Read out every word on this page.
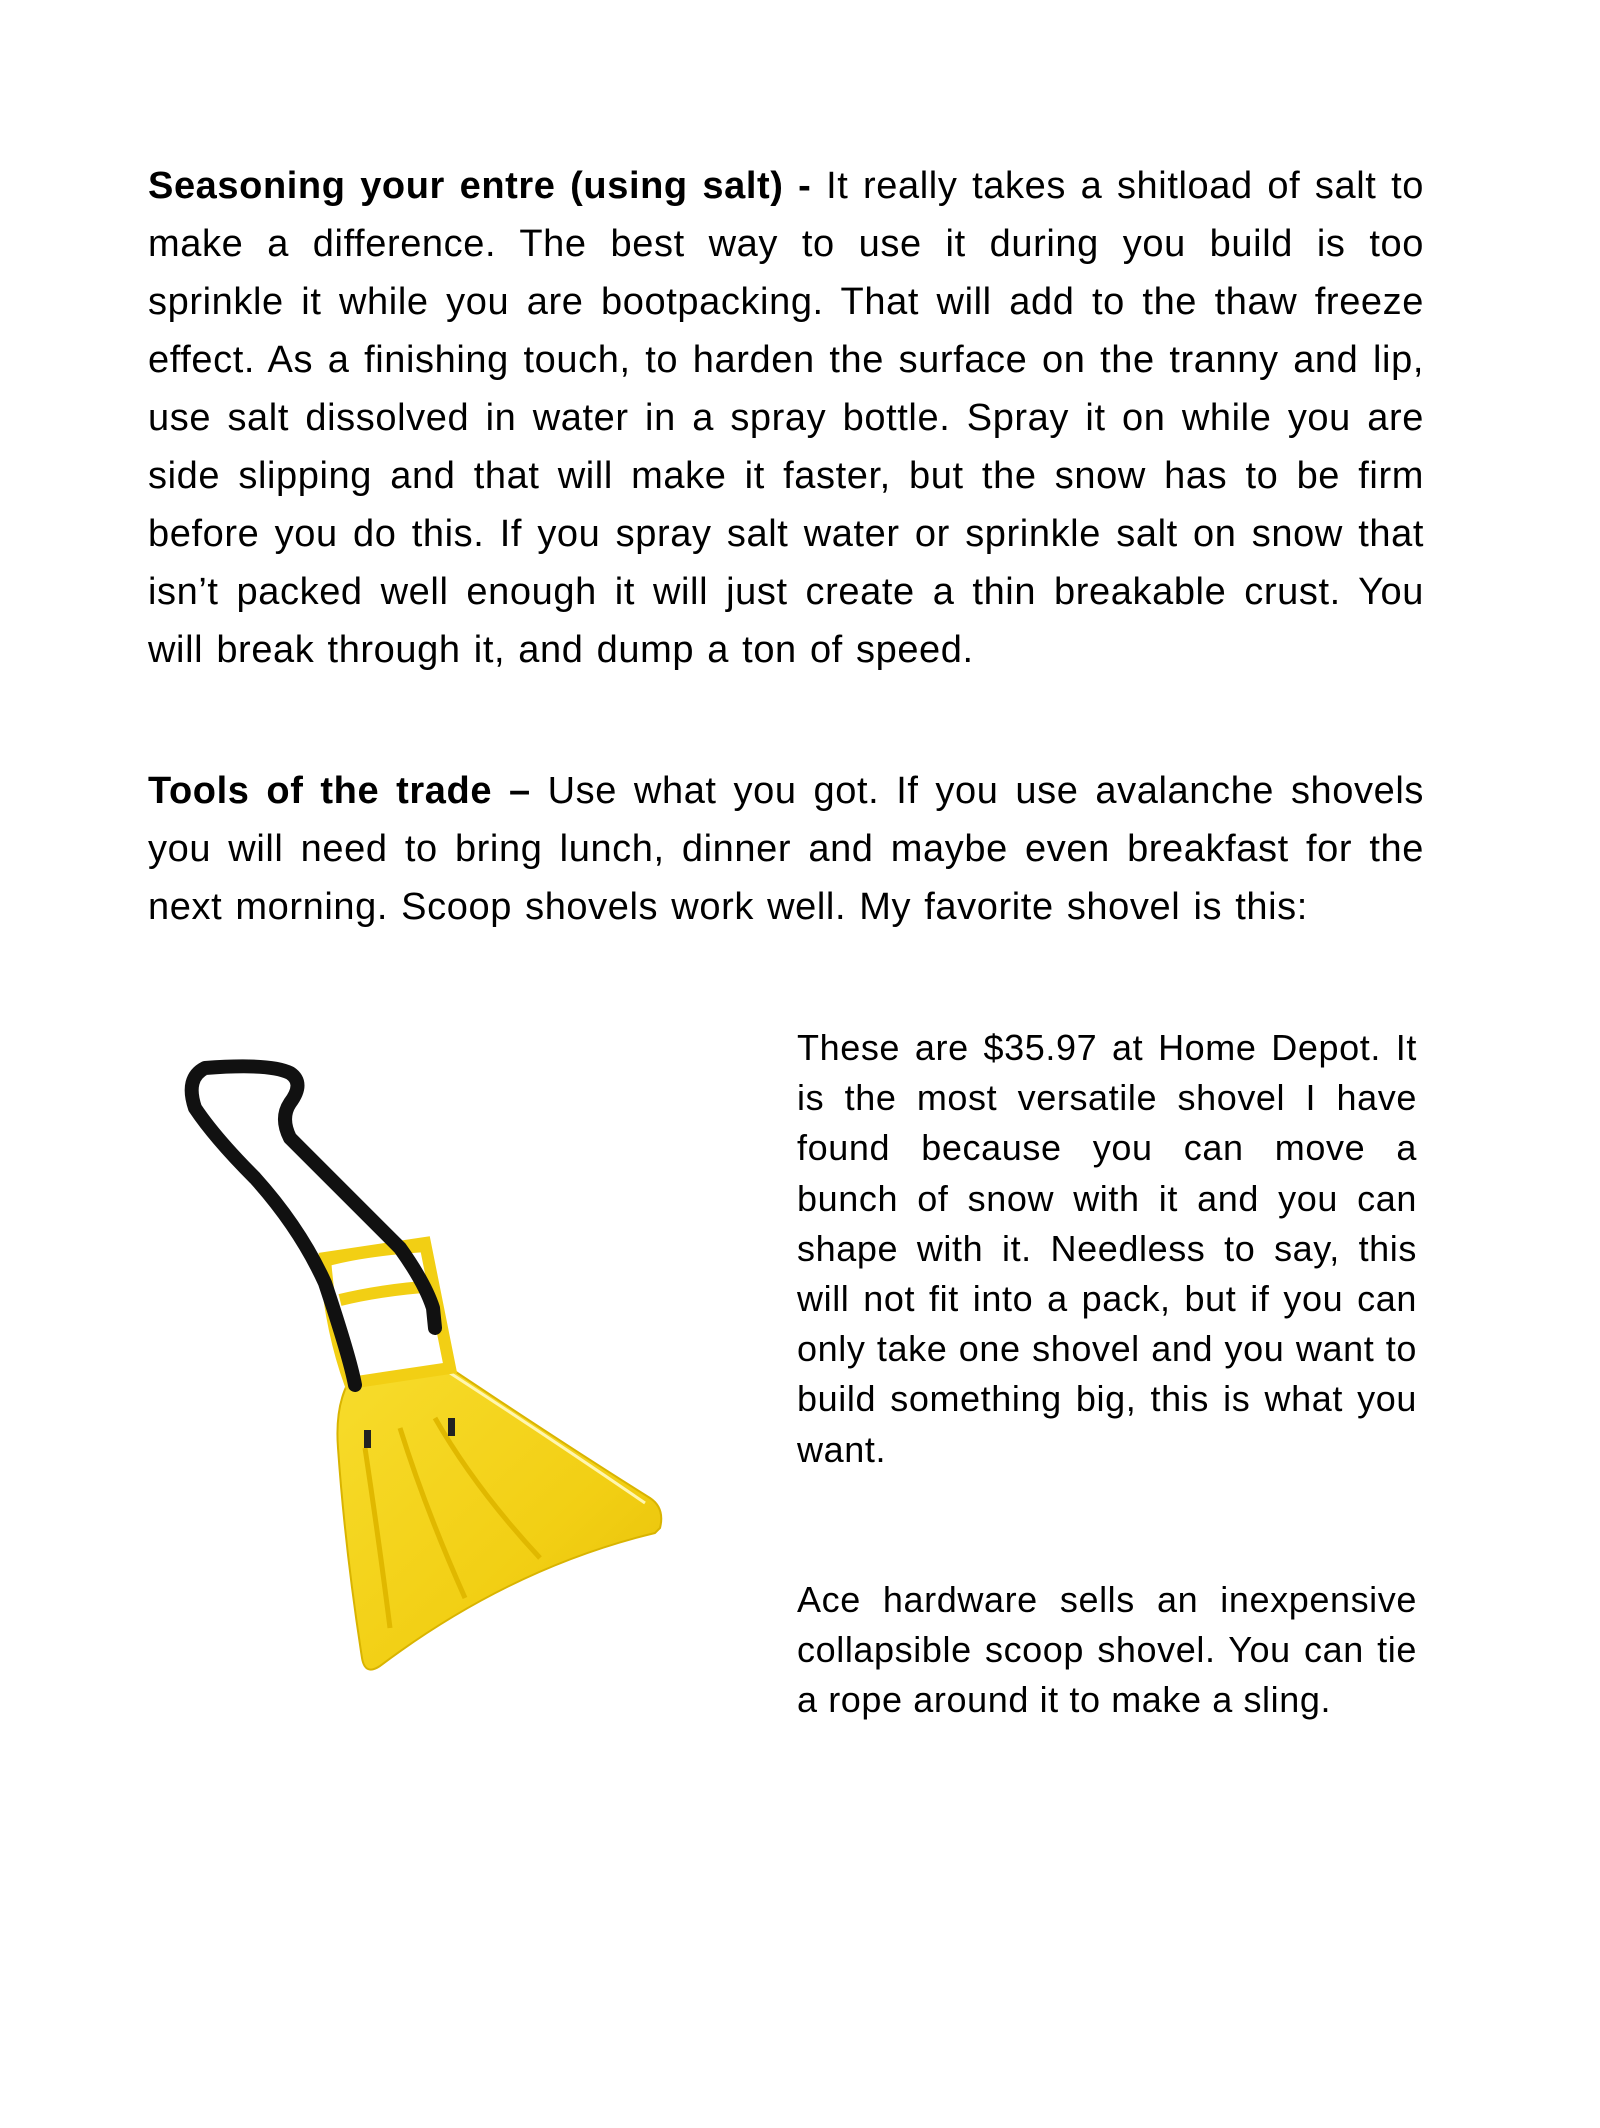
Seasoning your entre (using salt) - It really takes a shitload of salt to make a difference. The best way to use it during you build is too sprinkle it while you are bootpacking. That will add to the thaw freeze effect. As a finishing touch, to harden the surface on the tranny and lip, use salt dissolved in water in a spray bottle. Spray it on while you are side slipping and that will make it faster, but the snow has to be firm before you do this. If you spray salt water or sprinkle salt on snow that isn’t packed well enough it will just create a thin breakable crust. You will break through it, and dump a ton of speed.
Tools of the trade – Use what you got. If you use avalanche shovels you will need to bring lunch, dinner and maybe even breakfast for the next morning. Scoop shovels work well. My favorite shovel is this:
These are $35.97 at Home Depot. It is the most versatile shovel I have found because you can move a bunch of snow with it and you can shape with it. Needless to say, this will not fit into a pack, but if you can only take one shovel and you want to build something big, this is what you want.
Ace hardware sells an inexpensive collapsible scoop shovel. You can tie a rope around it to make a sling.
